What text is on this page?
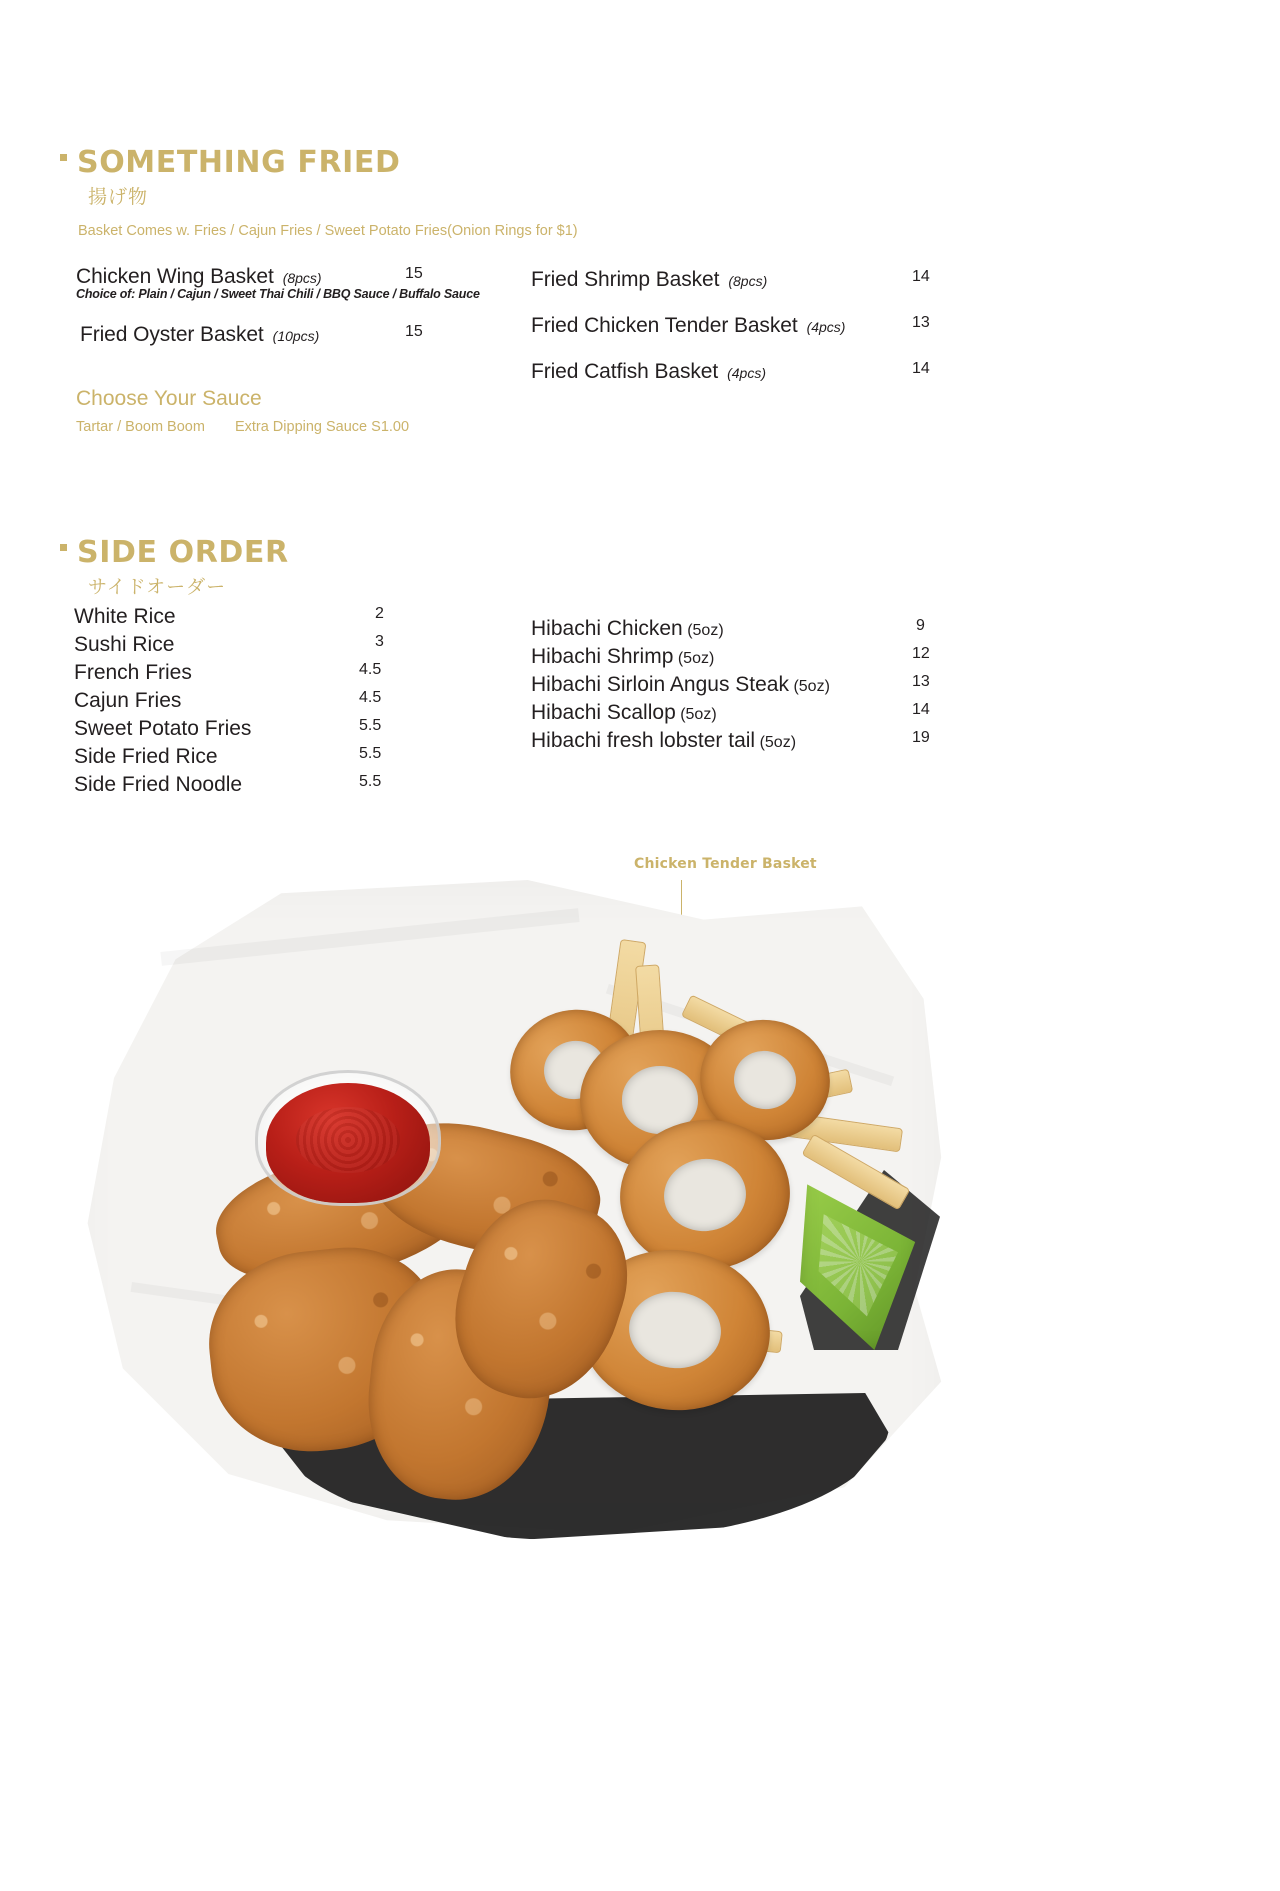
SOMETHING FRIED
揚げ物
Basket Comes w. Fries / Cajun Fries / Sweet Potato Fries(Onion Rings for $1)
Chicken Wing Basket (8pcs)	15
Choice of: Plain / Cajun / Sweet Thai Chili / BBQ Sauce / Buffalo Sauce
Fried Oyster Basket (10pcs)	15
Choose Your Sauce
Tartar / Boom Boom Extra Dipping Sauce S1.00
Fried Shrimp Basket (8pcs)	14
Fried Chicken Tender Basket (4pcs)	13
Fried Catfish Basket (4pcs)	14
SIDE ORDER
サイドオーダー
White Rice	2
Sushi Rice	3
French Fries	4.5
Cajun Fries	4.5
Sweet Potato Fries	5.5
Side Fried Rice	5.5
Side Fried Noodle	5.5
Hibachi Chicken (5oz)	9
Hibachi Shrimp (5oz)	12
Hibachi Sirloin Angus Steak (5oz)	13
Hibachi Scallop (5oz)	14
Hibachi fresh lobster tail (5oz)	19
Chicken Tender Basket
